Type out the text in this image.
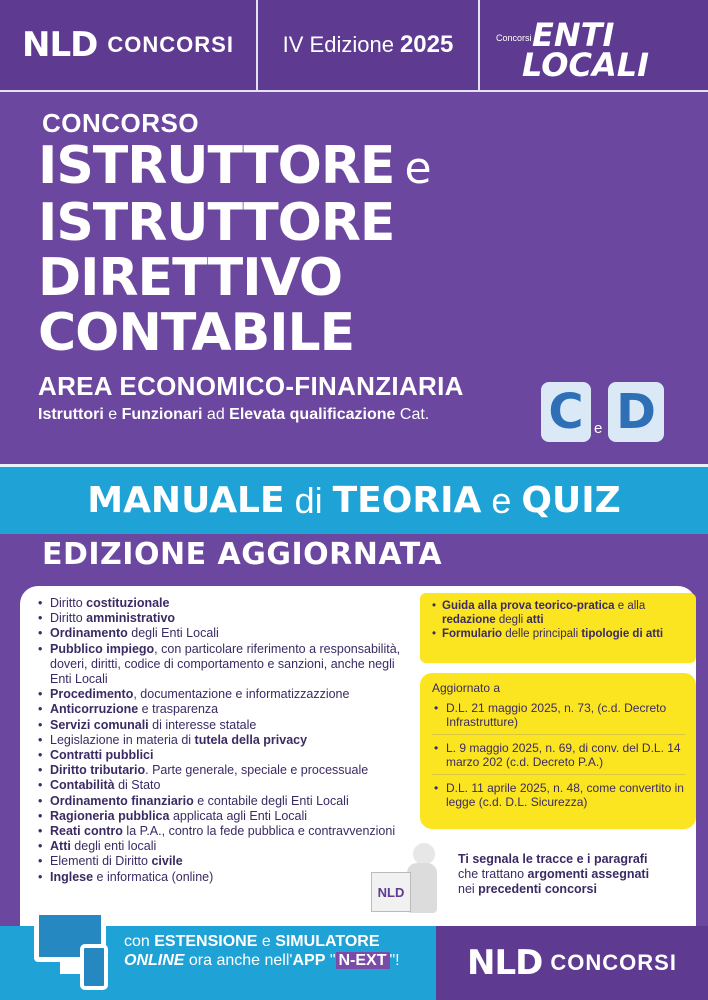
NLD CONCORSI IV Edizione 2025	Concorsi ENTI
LOCALI
CONCORSO
ISTRUTTORE e
ISTRUTTORE
DIRETTIVO
CONTABILE
AREA ECONOMICO-FINANZIARIA
Istruttori e Funzionari ad Elevata qualificazione Cat.	C e D
MANUALE di TEORIA e QUIZ
EDIZIONE AGGIORNATA
• Diritto costituzionale
• Diritto amministrativo
• Ordinamento degli Enti Locali
• Pubblico impiego, con particolare riferimento a responsabilità, doveri, diritti, codice di comportamento e sanzioni, anche negli Enti Locali
• Procedimento, documentazione e informatizzazzione
• Anticorruzione e trasparenza
• Servizi comunali di interesse statale
• Legislazione in materia di tutela della privacy
• Contratti pubblici
• Diritto tributario. Parte generale, speciale e processuale
• Contabilità di Stato
• Ordinamento finanziario e contabile degli Enti Locali
• Ragioneria pubblica applicata agli Enti Locali
• Reati contro la P.A., contro la fede pubblica e contravvenzioni
• Atti degli enti locali
• Elementi di Diritto civile
• Inglese e informatica (online)
• Guida alla prova teorico-pratica e alla redazione degli atti
• Formulario delle principali tipologie di atti
Aggiornato a
• D.L. 21 maggio 2025, n. 73, (c.d. Decreto Infrastrutture)
• L. 9 maggio 2025, n. 69, di conv. del D.L. 14 marzo 202 (c.d. Decreto P.A.)
• D.L. 11 aprile 2025, n. 48, come convertito in legge (c.d. D.L. Sicurezza)
NLD
Ti segnala le tracce e i paragrafi
che trattano argomenti assegnati
nei precedenti concorsi
con ESTENSIONE e SIMULATORE
ONLINE ora anche nell'APP " N-EXT "! NLD CONCORSI
